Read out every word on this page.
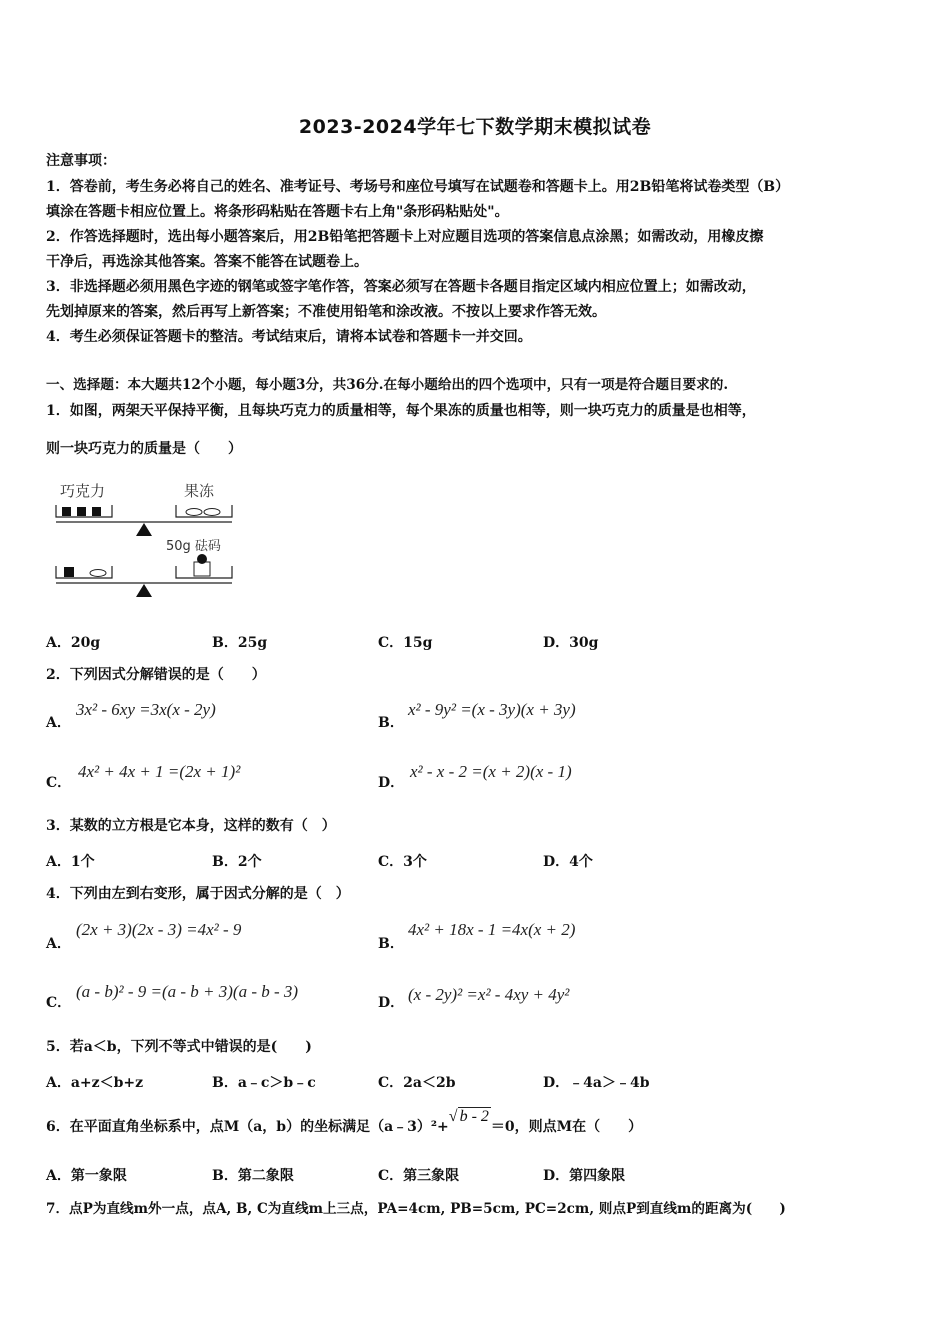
2023-2024学年七下数学期末模拟试卷
注意事项：
1．答卷前，考生务必将自己的姓名、准考证号、考场号和座位号填写在试题卷和答题卡上。用2B铅笔将试卷类型（B）
填涂在答题卡相应位置上。将条形码粘贴在答题卡右上角"条形码粘贴处"。
2．作答选择题时，选出每小题答案后，用2B铅笔把答题卡上对应题目选项的答案信息点涂黑；如需改动，用橡皮擦
干净后，再选涂其他答案。答案不能答在试题卷上。
3．非选择题必须用黑色字迹的钢笔或签字笔作答，答案必须写在答题卡各题目指定区域内相应位置上；如需改动，
先划掉原来的答案，然后再写上新答案；不准使用铅笔和涂改液。不按以上要求作答无效。
4．考生必须保证答题卡的整洁。考试结束后，请将本试卷和答题卡一并交回。
一、选择题：本大题共12个小题，每小题3分，共36分.在每小题给出的四个选项中，只有一项是符合题目要求的.
1．如图，两架天平保持平衡，且每块巧克力的质量相等，每个果冻的质量也相等，则一块巧克力的质量是也相等，
则一块巧克力的质量是（　　）
巧克力	果冻
50g 砝码
A．20g	B．25g	C．15g	D．30g
2．下列因式分解错误的是（　　）
A．
3x² - 6xy =3x(x - 2y)
B．
x² - 9y² =(x - 3y)(x + 3y)
C．
4x² + 4x + 1 =(2x + 1)²
D．
x² - x - 2 =(x + 2)(x - 1)
3．某数的立方根是它本身，这样的数有（　）
A．1个	B．2个	C．3个	D．4个
4．下列由左到右变形，属于因式分解的是（　）
A．
(2x + 3)(2x - 3) =4x² - 9
B．
4x² + 18x - 1 =4x(x + 2)
C．
(a - b)² - 9 =(a - b + 3)(a - b - 3)
D． (x - 2y)² =x² - 4xy + 4y²
5．若a＜b，下列不等式中错误的是(　　)
A．a+z＜b+z	B．a﹣c＞b﹣c	C．2a＜2b	D．﹣4a＞﹣4b
6．在平面直角坐标系中，点M（a，b）的坐标满足（a﹣3）²+√ b - 2＝0，则点M在（　　）
A．第一象限	B．第二象限	C．第三象限	D．第四象限
7．点P为直线m外一点，点A, B, C为直线m上三点，PA=4cm, PB=5cm, PC=2cm, 则点P到直线m的距离为(　　)
